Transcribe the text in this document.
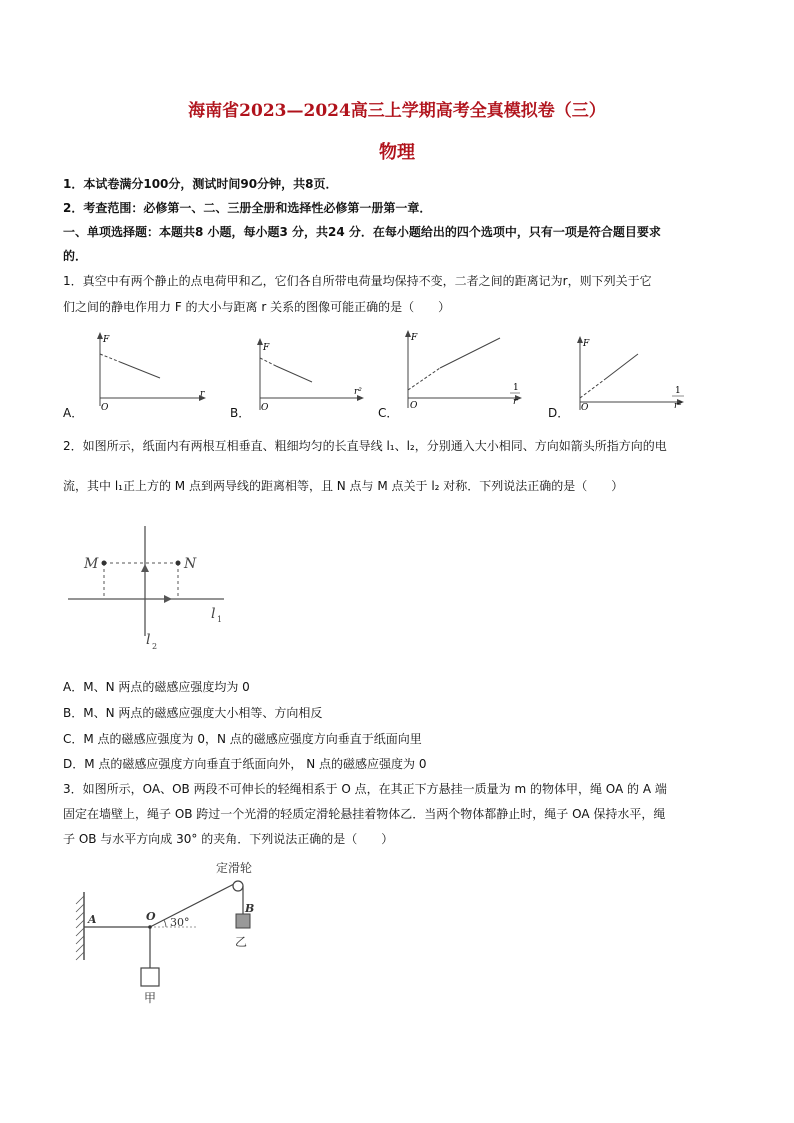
海南省2023—2024高三上学期高考全真模拟卷（三）
物理
1．本试卷满分100分，测试时间90分钟，共8页．
2．考查范围：必修第一、二、三册全册和选择性必修第一册第一章．
一、单项选择题：本题共8 小题，每小题3 分，共24 分．在每小题给出的四个选项中，只有一项是符合题目要求
的．
1．真空中有两个静止的点电荷甲和乙，它们各自所带电荷量均保持不变，二者之间的距离记为r，则下列关于它
们之间的静电作用力 F 的大小与距离 r 关系的图像可能正确的是（　　）
A．	B．	C．	D．
F
O
r
F
O
r²
F
O
1
r
F
O
1
r²
2．如图所示，纸面内有两根互相垂直、粗细均匀的长直导线 l₁、l₂，分别通入大小相同、方向如箭头所指方向的电
流，其中 l₁正上方的 M 点到两导线的距离相等，且 N 点与 M 点关于 l₂ 对称．下列说法正确的是（　　）
M	N
l 1
l 2
A．M、N 两点的磁感应强度均为 0
B．M、N 两点的磁感应强度大小相等、方向相反
C．M 点的磁感应强度为 0，N 点的磁感应强度方向垂直于纸面向里
D．M 点的磁感应强度方向垂直于纸面向外， N 点的磁感应强度为 0
3．如图所示，OA、OB 两段不可伸长的轻绳相系于 O 点，在其正下方悬挂一质量为 m 的物体甲，绳 OA 的 A 端
固定在墙壁上，绳子 OB 跨过一个光滑的轻质定滑轮悬挂着物体乙．当两个物体都静止时，绳子 OA 保持水平，绳
子 OB 与水平方向成 30° 的夹角．下列说法正确的是（　　）
定滑轮
A	O
B
30°
乙
甲
